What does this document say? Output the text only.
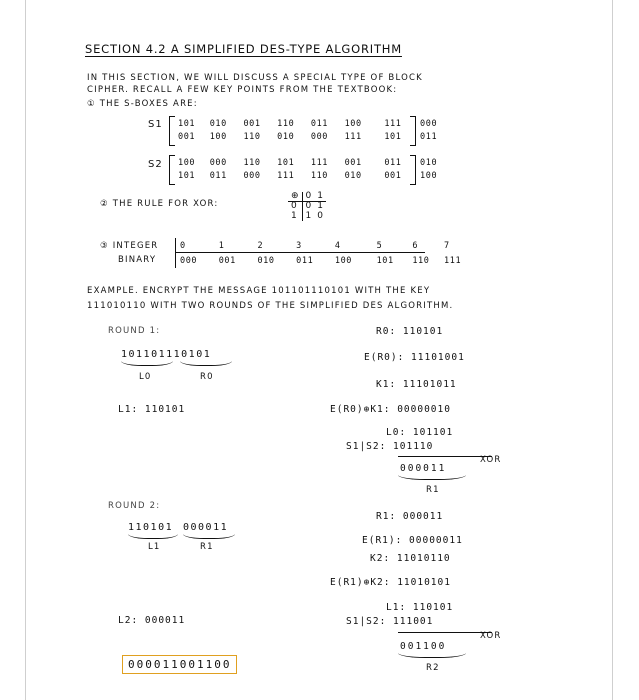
SECTION 4.2 A SIMPLIFIED DES-TYPE ALGORITHM
IN THIS SECTION, WE WILL DISCUSS A SPECIAL TYPE OF BLOCK
CIPHER. RECALL A FEW KEY POINTS FROM THE TEXTBOOK:
① THE S-BOXES ARE:
S1 101 010 001 110 011 100	111 000
001 100 110 010 000 111	101 011
S2 100 000 110 101 111 001	011 010
101 011 000 111 110 010	001 100
② THE RULE FOR XOR:
⊕	0	1
0	0	1
1	1	0
③ INTEGER
BINARY
0	1	2	3	4	5	6	7
000	001	010	011	100	101 110 111
EXAMPLE. ENCRYPT THE MESSAGE 101101110101 WITH THE KEY
111010110 WITH TWO ROUNDS OF THE SIMPLIFIED DES ALGORITHM.
ROUND 1:
101101110101
L0	R0
R0: 110101
E(R0): 11101001
K1: 11101011
E(R0)⊕K1: 00000010
L1: 110101
L0: 101101
S1|S2: 101110
XOR
000011
R1
ROUND 2:
110101 000011
L1	R1
R1: 000011
E(R1): 00000011
K2: 11010110
E(R1)⊕K2: 11010101
L2: 000011
L1: 110101
S1|S2: 111001
XOR
001100
R2
000011001100
